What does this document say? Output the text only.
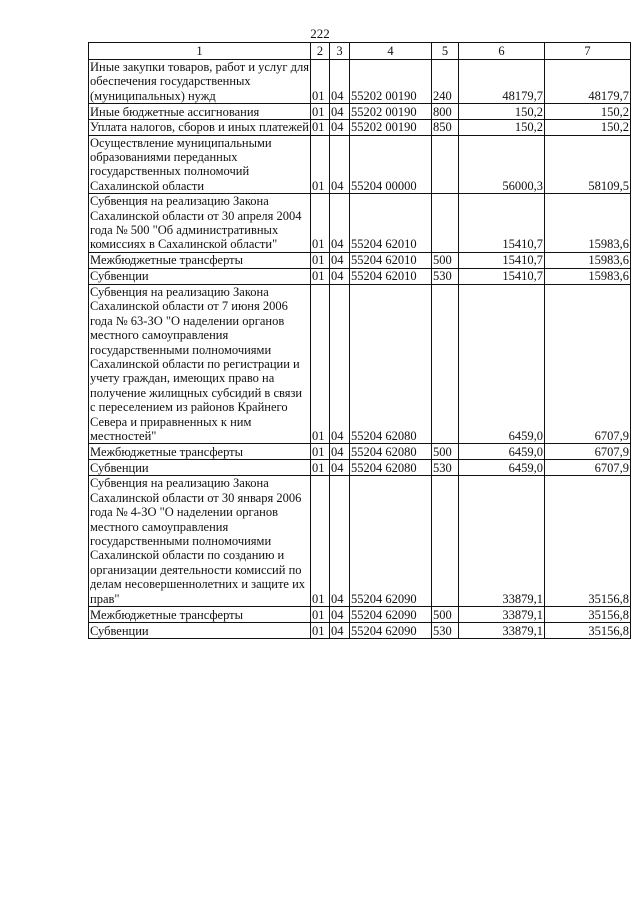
222
1	2	3	4	5	6	7
Иные закупки товаров, работ и услуг для обеспечения государственных (муниципальных) нужд	01	04	55202 00190	240	48179,7	48179,7
Иные бюджетные ассигнования	01	04	55202 00190	800	150,2	150,2
Уплата налогов, сборов и иных платежей	01	04	55202 00190	850	150,2	150,2
Осуществление муниципальными образованиями переданных государственных полномочий Сахалинской области	01	04	55204 00000		56000,3	58109,5
Субвенция на реализацию Закона Сахалинской области от 30 апреля 2004 года № 500 "Об административных комиссиях в Сахалинской области"	01	04	55204 62010		15410,7	15983,6
Межбюджетные трансферты	01	04	55204 62010	500	15410,7	15983,6
Субвенции	01	04	55204 62010	530	15410,7	15983,6
Субвенция на реализацию Закона Сахалинской области от 7 июня 2006 года № 63-ЗО "О наделении органов местного самоуправления государственными полномочиями Сахалинской области по регистрации и учету граждан, имеющих право на получение жилищных субсидий в связи с переселением из районов Крайнего Севера и приравненных к ним местностей"	01	04	55204 62080		6459,0	6707,9
Межбюджетные трансферты	01	04	55204 62080	500	6459,0	6707,9
Субвенции	01	04	55204 62080	530	6459,0	6707,9
Субвенция на реализацию Закона Сахалинской области от 30 января 2006 года № 4-ЗО "О наделении органов местного самоуправления государственными полномочиями Сахалинской области по созданию и организации деятельности комиссий по делам несовершеннолетних и защите их прав"	01	04	55204 62090		33879,1	35156,8
Межбюджетные трансферты	01	04	55204 62090	500	33879,1	35156,8
Субвенции	01	04	55204 62090	530	33879,1	35156,8
